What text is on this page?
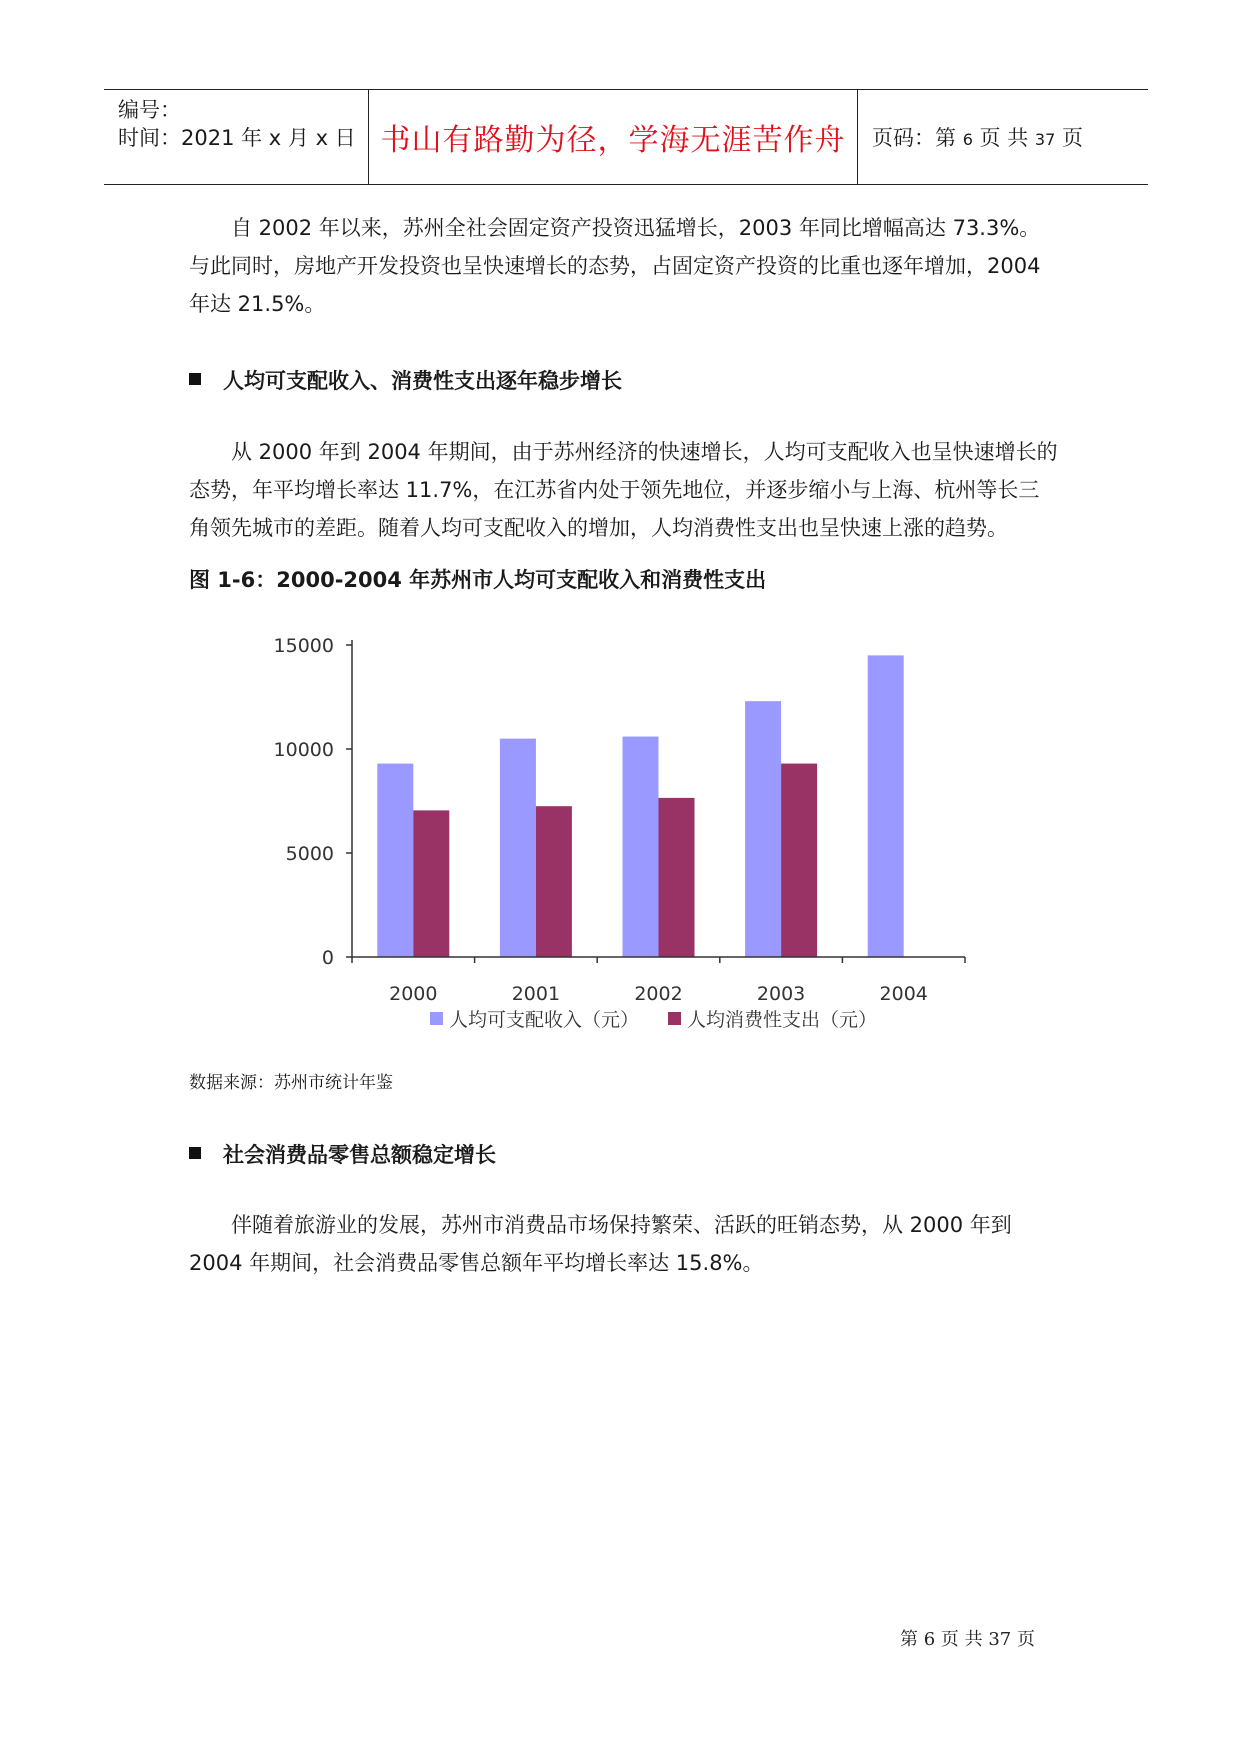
编号：
时间：2021 年 x 月 x 日 书山有路勤为径，学海无涯苦作舟 页码：第 6 页 共 37 页
自 2002 年以来，苏州全社会固定资产投资迅猛增长，2003 年同比增幅高达 73.3%。与此同时，房地产开发投资也呈快速增长的态势，占固定资产投资的比重也逐年增加，2004 年达 21.5%。
人均可支配收入、消费性支出逐年稳步增长
从 2000 年到 2004 年期间，由于苏州经济的快速增长，人均可支配收入也呈快速增长的态势，年平均增长率达 11.7%，在江苏省内处于领先地位，并逐步缩小与上海、杭州等长三角领先城市的差距。随着人均可支配收入的增加，人均消费性支出也呈快速上涨的趋势。
图 1-6：2000-2004 年苏州市人均可支配收入和消费性支出
0
5000
10000
15000
2000	2001	2002	2003	2004
人均可支配收入（元）	人均消费性支出（元）
数据来源：苏州市统计年鉴
社会消费品零售总额稳定增长
伴随着旅游业的发展，苏州市消费品市场保持繁荣、活跃的旺销态势，从 2000 年到 2004 年期间，社会消费品零售总额年平均增长率达 15.8%。
第 6 页 共 37 页
